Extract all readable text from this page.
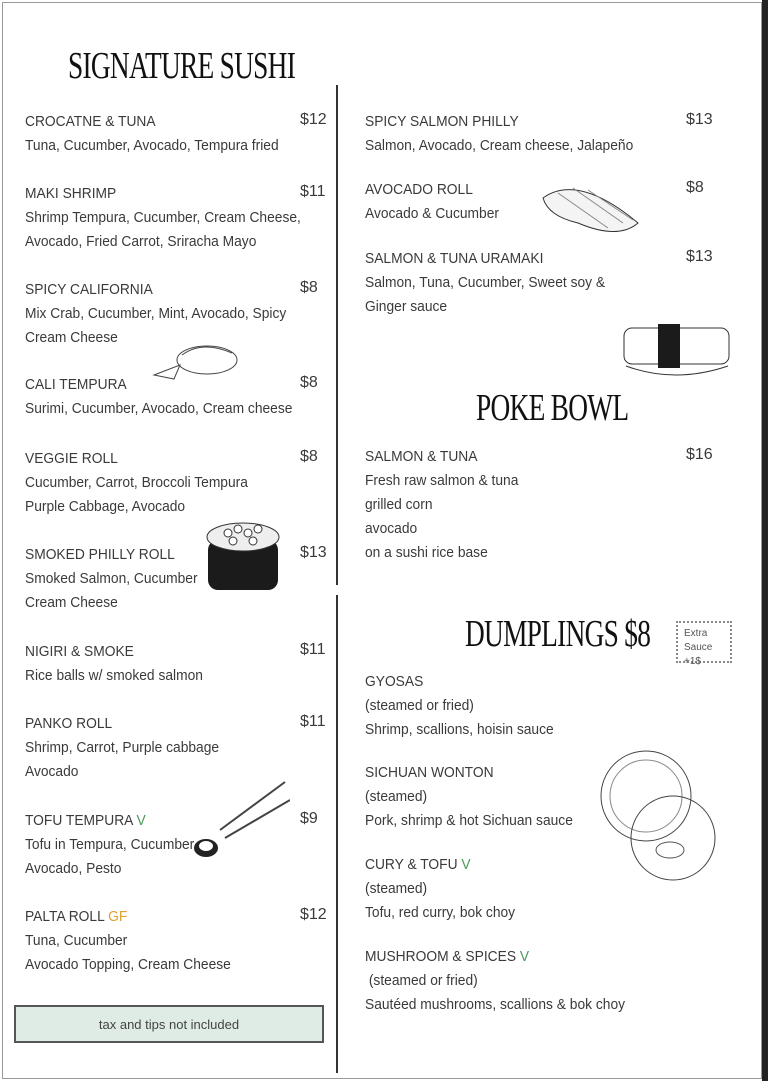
SIGNATURE SUSHI
POKE BOWL
DUMPLINGS $8	Extra
Sauce +1$
CROCATNE & TUNA
Tuna, Cucumber, Avocado, Tempura fried
$12
MAKI SHRIMP
Shrimp Tempura, Cucumber, Cream Cheese,
Avocado, Fried Carrot, Sriracha Mayo
$11
SPICY CALIFORNIA
Mix Crab, Cucumber, Mint, Avocado, Spicy
Cream Cheese
$8
CALI TEMPURA
Surimi, Cucumber, Avocado, Cream cheese
$8
VEGGIE ROLL
Cucumber, Carrot, Broccoli Tempura
Purple Cabbage, Avocado
$8
SMOKED PHILLY ROLL
Smoked Salmon, Cucumber
Cream Cheese
$13
NIGIRI & SMOKE
Rice balls w/ smoked salmon
$11
PANKO ROLL
Shrimp, Carrot, Purple cabbage
Avocado
$11
TOFU TEMPURA V
Tofu in Tempura, Cucumber
Avocado, Pesto
$9
PALTA ROLL GF
Tuna, Cucumber
Avocado Topping, Cream Cheese
$12
SPICY SALMON PHILLY
Salmon, Avocado, Cream cheese, Jalapeño
$13
AVOCADO ROLL
Avocado & Cucumber
$8
SALMON & TUNA URAMAKI
Salmon, Tuna, Cucumber, Sweet soy &
Ginger sauce
$13
SALMON & TUNA
Fresh raw salmon & tuna
grilled corn
avocado
on a sushi rice base
$16
GYOSAS
(steamed or fried)
Shrimp, scallions, hoisin sauce
SICHUAN WONTON
(steamed)
Pork, shrimp & hot Sichuan sauce
CURY & TOFU V
(steamed)
Tofu, red curry, bok choy
MUSHROOM & SPICES V
(steamed or fried)
Sautéed mushrooms, scallions & bok choy
tax and tips not included
